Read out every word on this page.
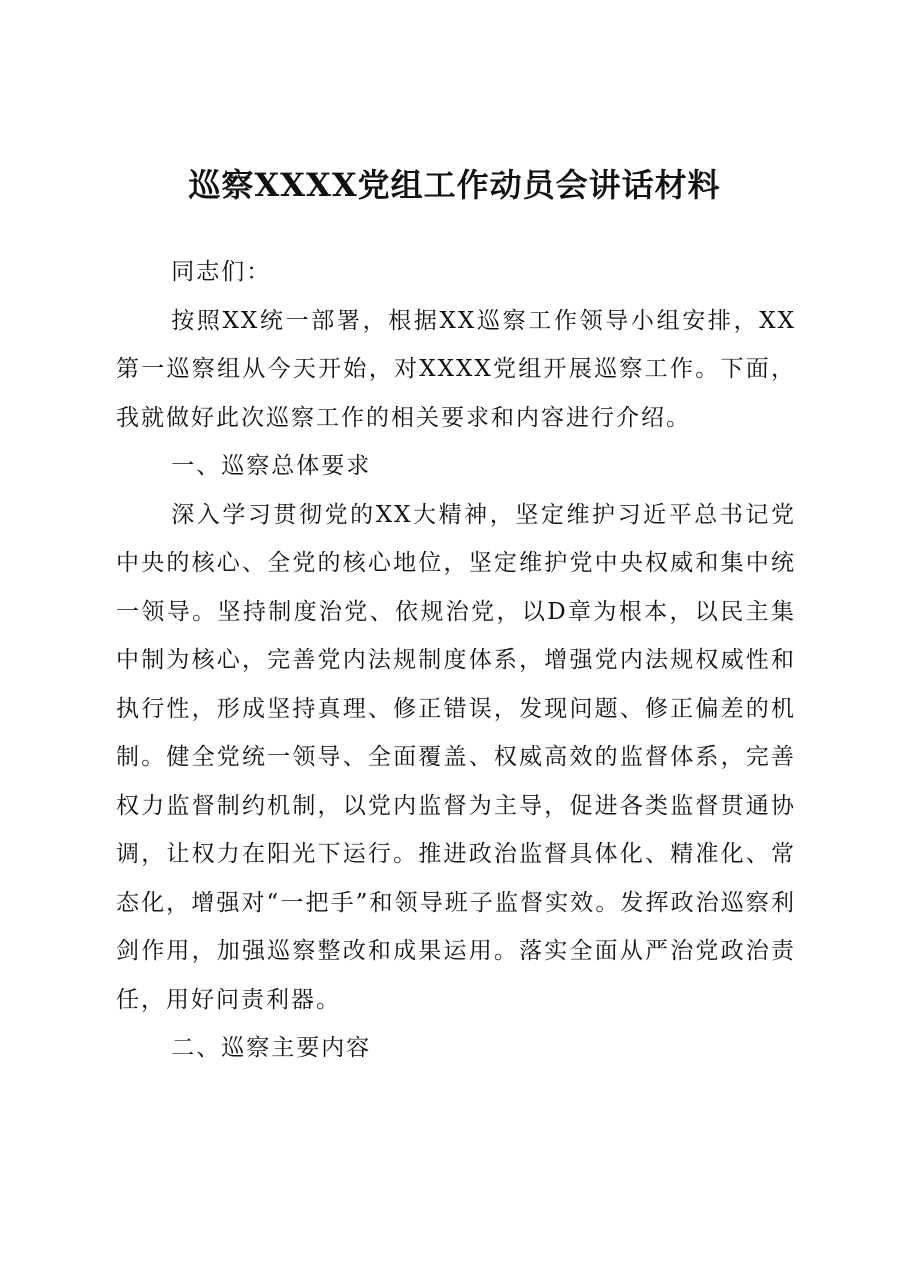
巡察XXXX党组工作动员会讲话材料

同志们：

按照XX统一部署，根据XX巡察工作领导小组安排，XX第一巡察组从今天开始，对XXXX党组开展巡察工作。下面，我就做好此次巡察工作的相关要求和内容进行介绍。

一、巡察总体要求

深入学习贯彻党的XX大精神，坚定维护习近平总书记党中央的核心、全党的核心地位，坚定维护党中央权威和集中统一领导。坚持制度治党、依规治党，以D章为根本，以民主集中制为核心，完善党内法规制度体系，增强党内法规权威性和执行性，形成坚持真理、修正错误，发现问题、修正偏差的机制。健全党统一领导、全面覆盖、权威高效的监督体系，完善权力监督制约机制，以党内监督为主导，促进各类监督贯通协调，让权力在阳光下运行。推进政治监督具体化、精准化、常态化，增强对“一把手”和领导班子监督实效。发挥政治巡察利剑作用，加强巡察整改和成果运用。落实全面从严治党政治责任，用好问责利器。

二、巡察主要内容
